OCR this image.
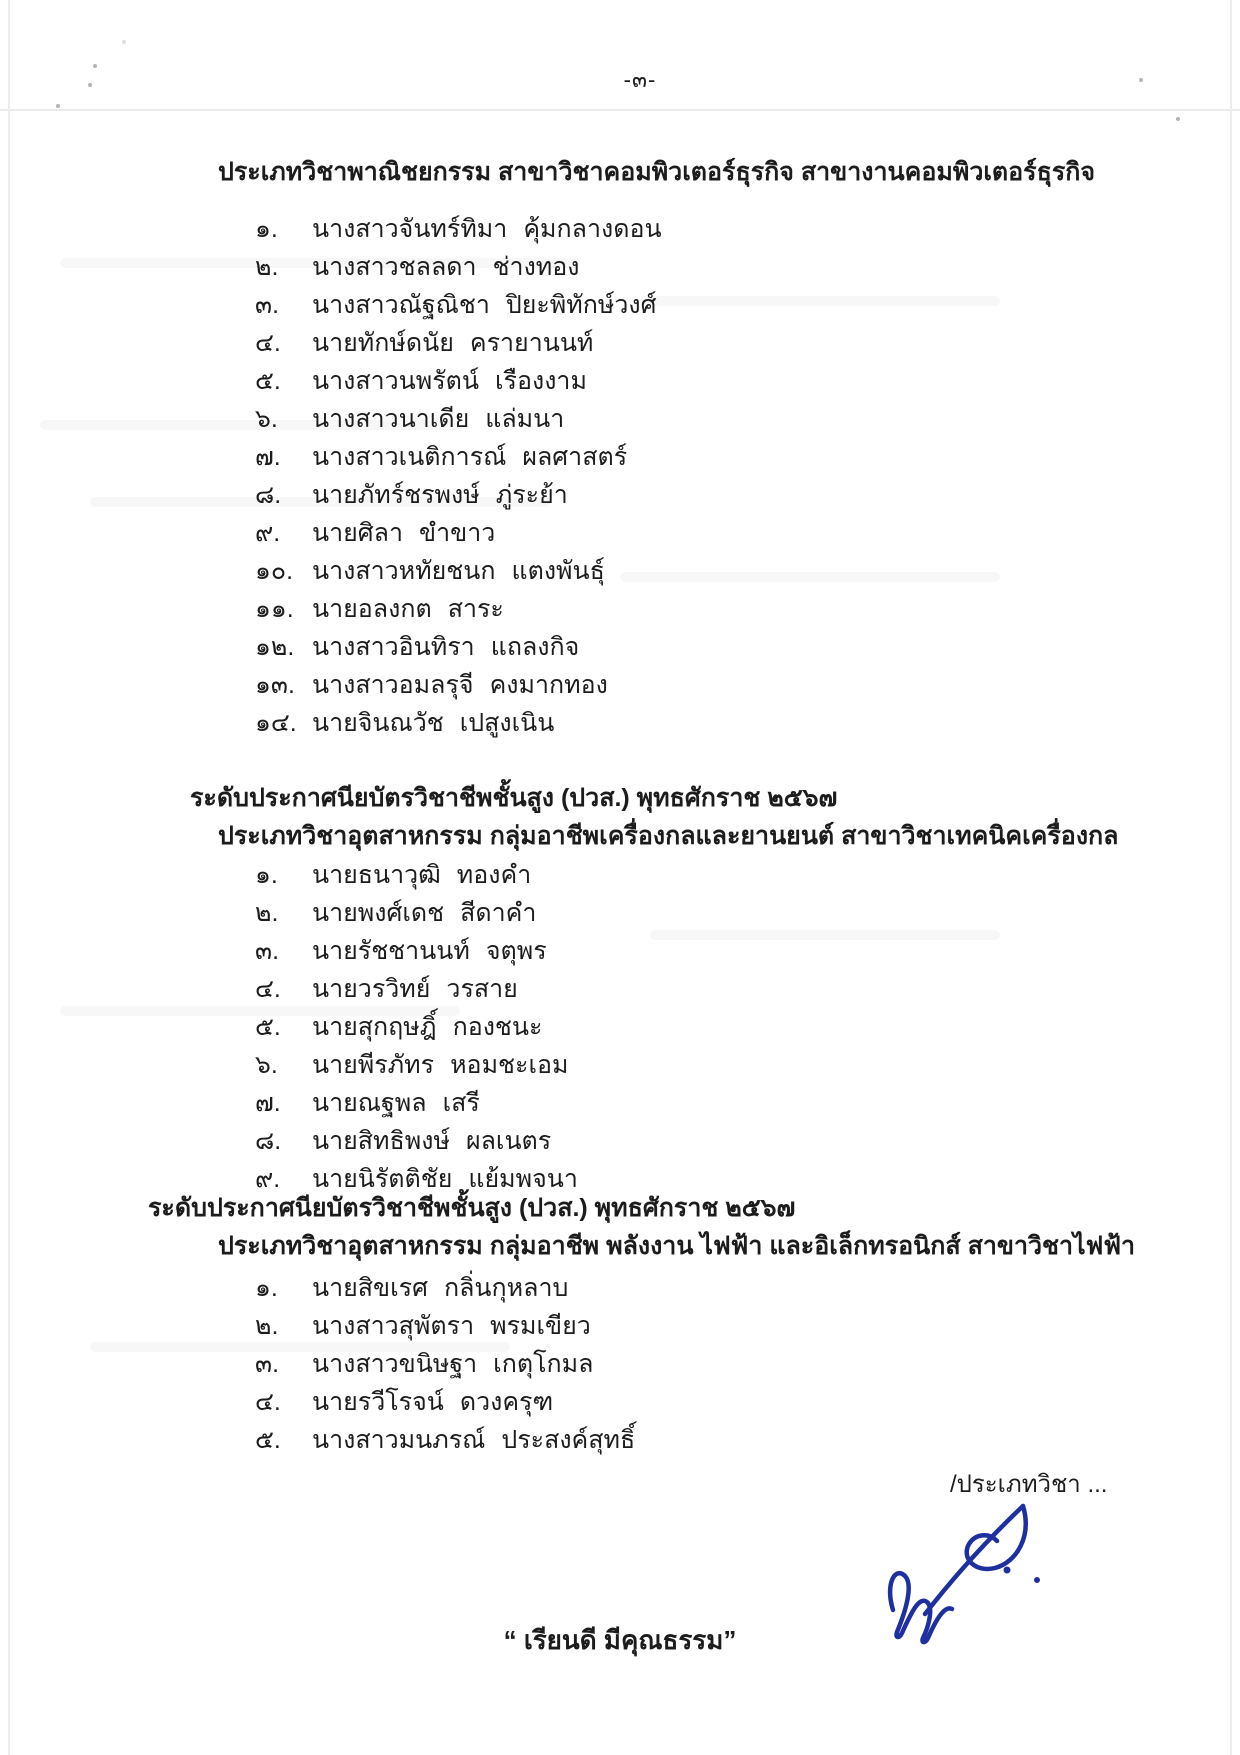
-๓-
ประเภทวิชาพาณิชยกรรม สาขาวิชาคอมพิวเตอร์ธุรกิจ สาขางานคอมพิวเตอร์ธุรกิจ
๑.	นางสาวจันทร์ทิมา คุ้มกลางดอน
๒.	นางสาวชลลดา ช่างทอง
๓.	นางสาวณัฐณิชา ปิยะพิทักษ์วงศ์
๔.	นายทักษ์ดนัย ครายานนท์
๕.	นางสาวนพรัตน์ เรืองงาม
๖.	นางสาวนาเดีย แล่มนา
๗.	นางสาวเนติการณ์ ผลศาสตร์
๘.	นายภัทร์ชรพงษ์ ภู่ระย้า
๙.	นายศิลา ขำขาว
๑๐. นางสาวหทัยชนก แตงพันธุ์
๑๑. นายอลงกต สาระ
๑๒. นางสาวอินทิรา แถลงกิจ
๑๓. นางสาวอมลรุจี คงมากทอง
๑๔. นายจินณวัช เปสูงเนิน
ระดับประกาศนียบัตรวิชาชีพชั้นสูง (ปวส.) พุทธศักราช ๒๕๖๗
ประเภทวิชาอุตสาหกรรม กลุ่มอาชีพเครื่องกลและยานยนต์ สาขาวิชาเทคนิคเครื่องกล
๑.	นายธนาวุฒิ ทองคำ
๒.	นายพงศ์เดช สีดาคำ
๓.	นายรัชชานนท์ จตุพร
๔.	นายวรวิทย์ วรสาย
๕.	นายสุกฤษฎิ์ กองชนะ
๖.	นายพีรภัทร หอมชะเอม
๗.	นายณฐพล เสรี
๘.	นายสิทธิพงษ์ ผลเนตร
๙.	นายนิรัตติชัย แย้มพจนา
ระดับประกาศนียบัตรวิชาชีพชั้นสูง (ปวส.) พุทธศักราช ๒๕๖๗
ประเภทวิชาอุตสาหกรรม กลุ่มอาชีพ พลังงาน ไฟฟ้า และอิเล็กทรอนิกส์ สาขาวิชาไฟฟ้า
๑.	นายสิขเรศ กลิ่นกุหลาบ
๒.	นางสาวสุพัตรา พรมเขียว
๓.	นางสาวขนิษฐา เกตุโกมล
๔.	นายรวีโรจน์ ดวงครุฑ
๕.	นางสาวมนภรณ์ ประสงค์สุทธิ์
/ประเภทวิชา ...
“ เรียนดี มีคุณธรรม”
